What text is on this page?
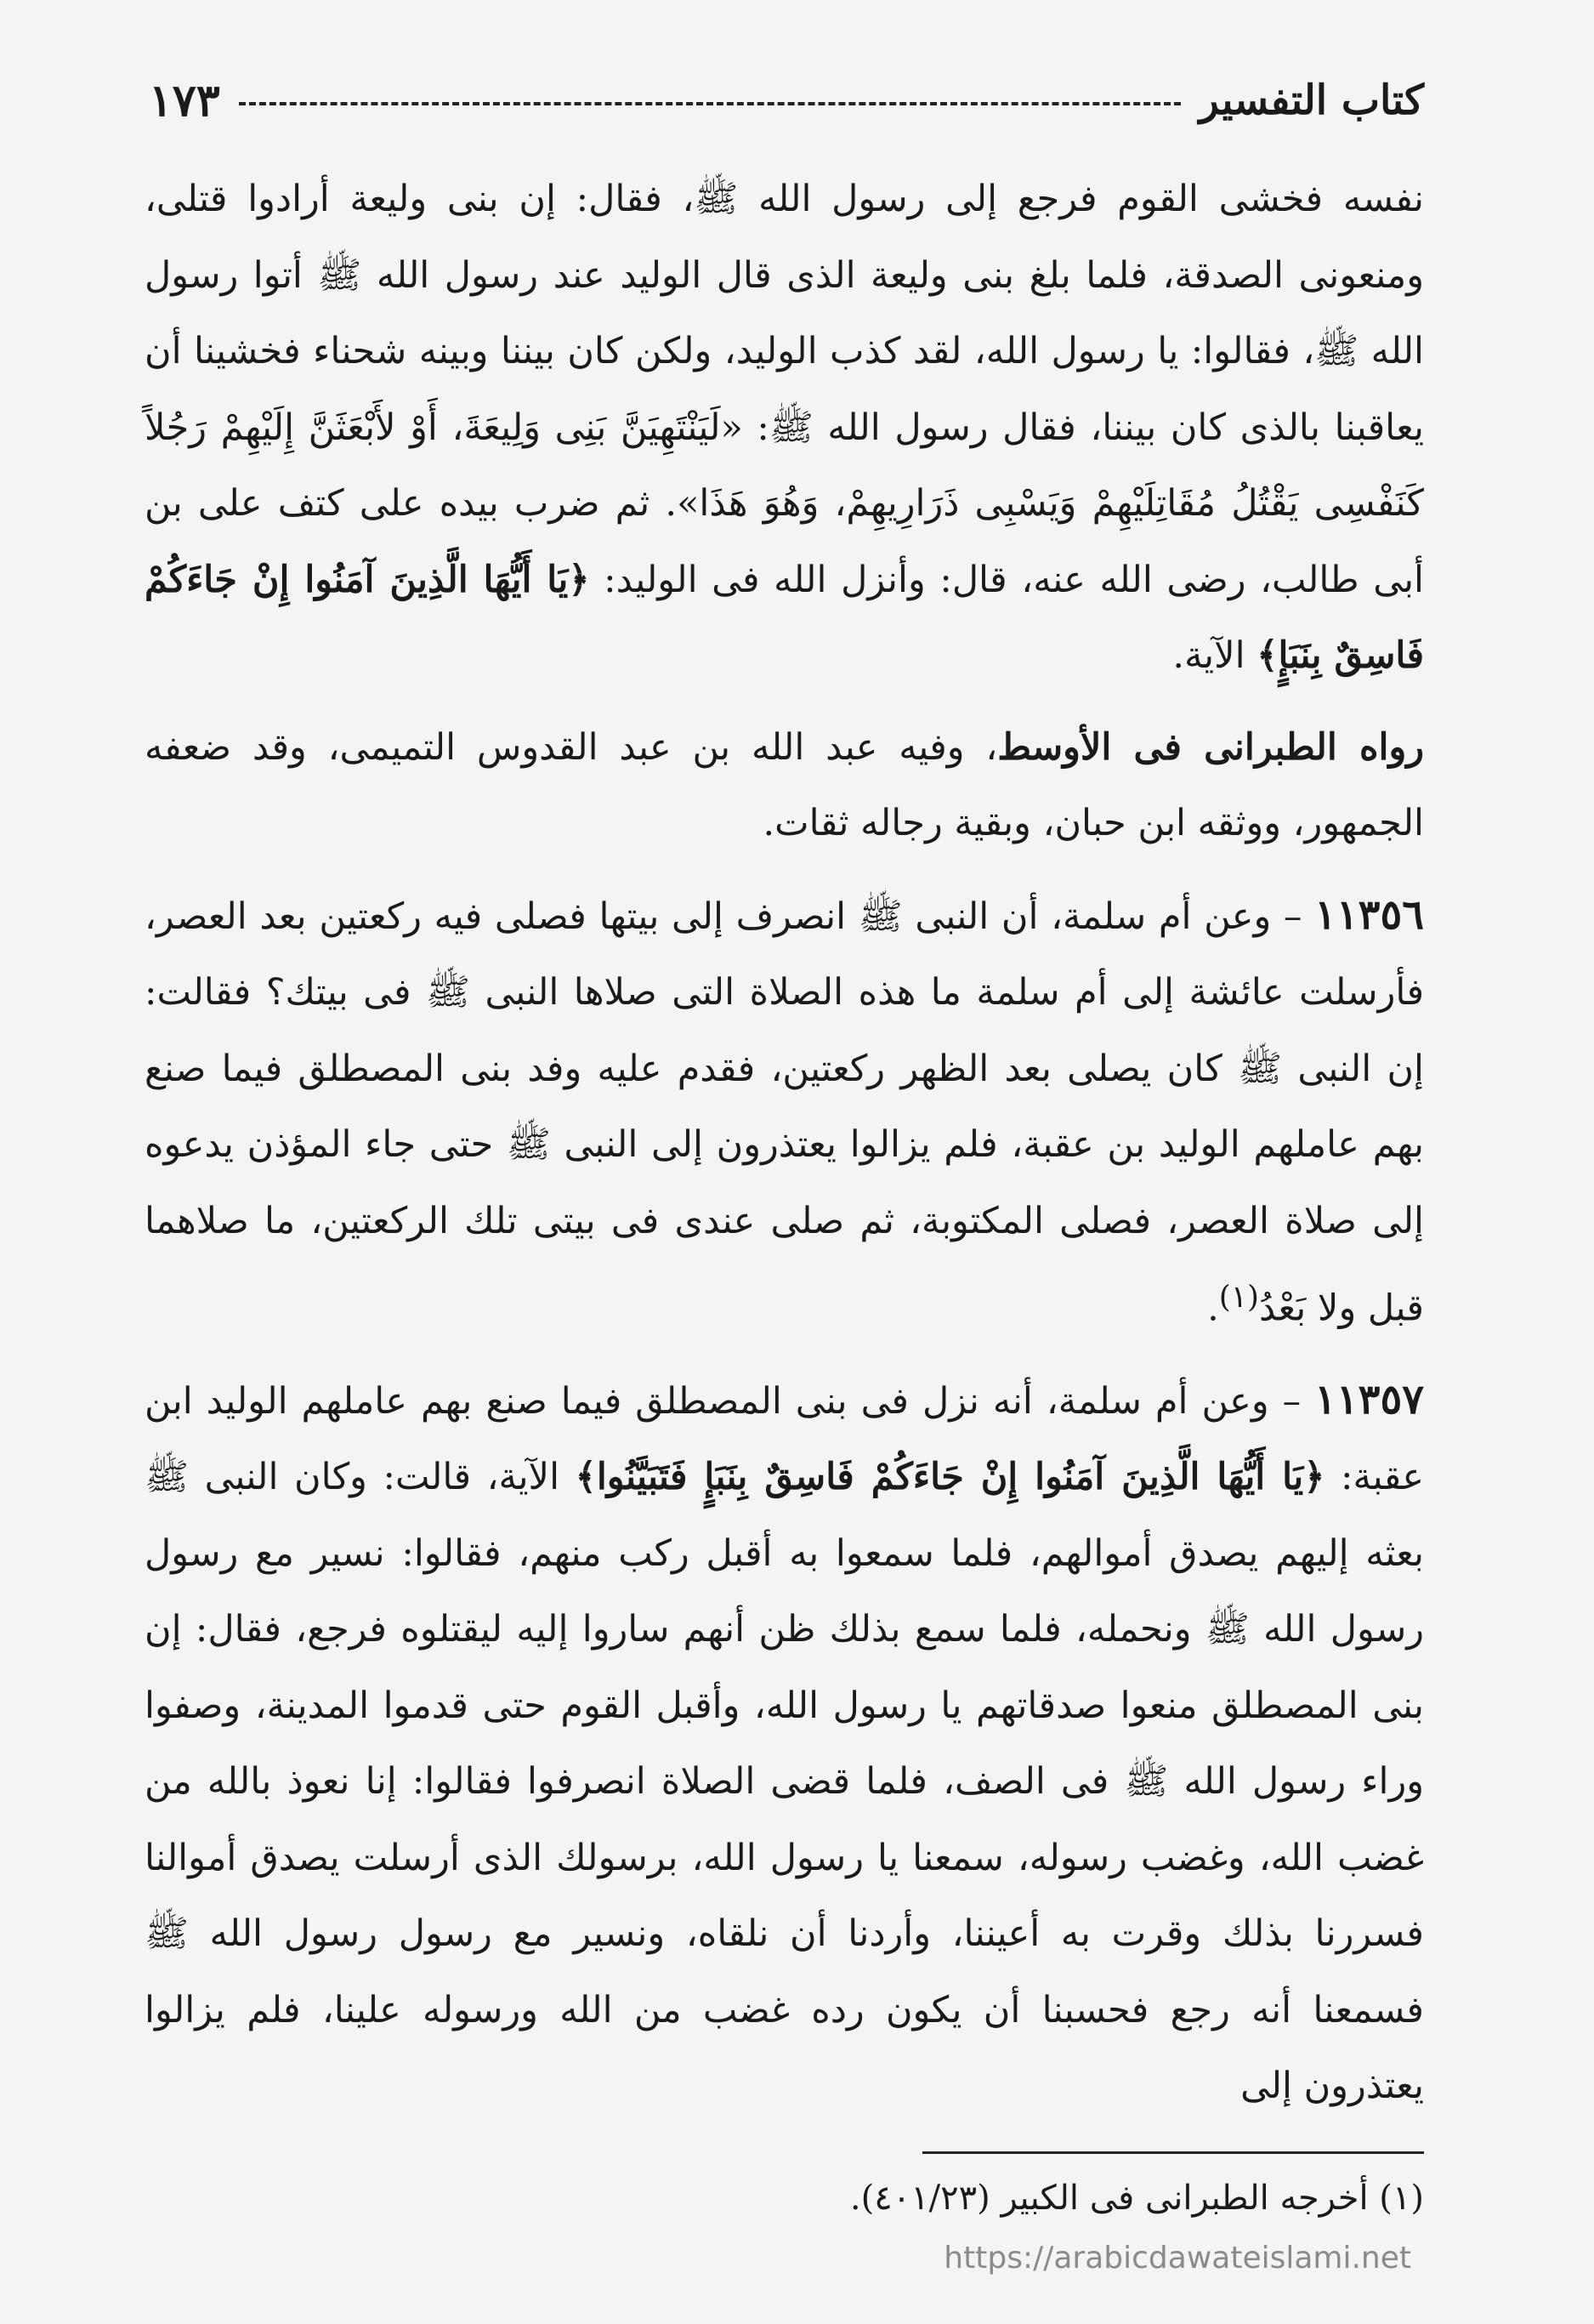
كتاب التفسير
١٧٣

نفسه فخشى القوم فرجع إلى رسول الله ﷺ، فقال: إن بنى وليعة أرادوا قتلى، ومنعونى الصدقة، فلما بلغ بنى وليعة الذى قال الوليد عند رسول الله ﷺ أتوا رسول الله ﷺ، فقالوا: يا رسول الله، لقد كذب الوليد، ولكن كان بيننا وبينه شحناء فخشينا أن يعاقبنا بالذى كان بيننا، فقال رسول الله ﷺ: «لَيَنْتَهِيَنَّ بَنِى وَلِيعَةَ، أَوْ لأَبْعَثَنَّ إِلَيْهِمْ رَجُلاً كَنَفْسِى يَقْتُلُ مُقَاتِلَيْهِمْ وَيَسْبِى ذَرَارِيهِمْ، وَهُوَ هَذَا». ثم ضرب بيده على كتف على بن أبى طالب، رضى الله عنه، قال: وأنزل الله فى الوليد: ﴿يَا أَيُّهَا الَّذِينَ آمَنُوا إِنْ جَاءَكُمْ فَاسِقٌ بِنَبَإٍ﴾ الآية.

رواه الطبرانى فى الأوسط، وفيه عبد الله بن عبد القدوس التميمى، وقد ضعفه الجمهور، ووثقه ابن حبان، وبقية رجاله ثقات.

١١٣٥٦ – وعن أم سلمة، أن النبى ﷺ انصرف إلى بيتها فصلى فيه ركعتين بعد العصر، فأرسلت عائشة إلى أم سلمة ما هذه الصلاة التى صلاها النبى ﷺ فى بيتك؟ فقالت: إن النبى ﷺ كان يصلى بعد الظهر ركعتين، فقدم عليه وفد بنى المصطلق فيما صنع بهم عاملهم الوليد بن عقبة، فلم يزالوا يعتذرون إلى النبى ﷺ حتى جاء المؤذن يدعوه إلى صلاة العصر، فصلى المكتوبة، ثم صلى عندى فى بيتى تلك الركعتين، ما صلاهما قبل ولا بَعْدُ$^{(١)}$.

١١٣٥٧ – وعن أم سلمة، أنه نزل فى بنى المصطلق فيما صنع بهم عاملهم الوليد ابن عقبة: ﴿يَا أَيُّهَا الَّذِينَ آمَنُوا إِنْ جَاءَكُمْ فَاسِقٌ بِنَبَإٍ فَتَبَيَّنُوا﴾ الآية، قالت: وكان النبى ﷺ بعثه إليهم يصدق أموالهم، فلما سمعوا به أقبل ركب منهم، فقالوا: نسير مع رسول رسول الله ﷺ ونحمله، فلما سمع بذلك ظن أنهم ساروا إليه ليقتلوه فرجع، فقال: إن بنى المصطلق منعوا صدقاتهم يا رسول الله، وأقبل القوم حتى قدموا المدينة، وصفوا وراء رسول الله ﷺ فى الصف، فلما قضى الصلاة انصرفوا فقالوا: إنا نعوذ بالله من غضب الله، وغضب رسوله، سمعنا يا رسول الله، برسولك الذى أرسلت يصدق أموالنا فسررنا بذلك وقرت به أعيننا، وأردنا أن نلقاه، ونسير مع رسول رسول الله ﷺ فسمعنا أنه رجع فحسبنا أن يكون رده غضب من الله ورسوله علينا، فلم يزالوا يعتذرون إلى

(١) أخرجه الطبرانى فى الكبير (٤٠١/٢٣).
https://arabicdawateislami.net
